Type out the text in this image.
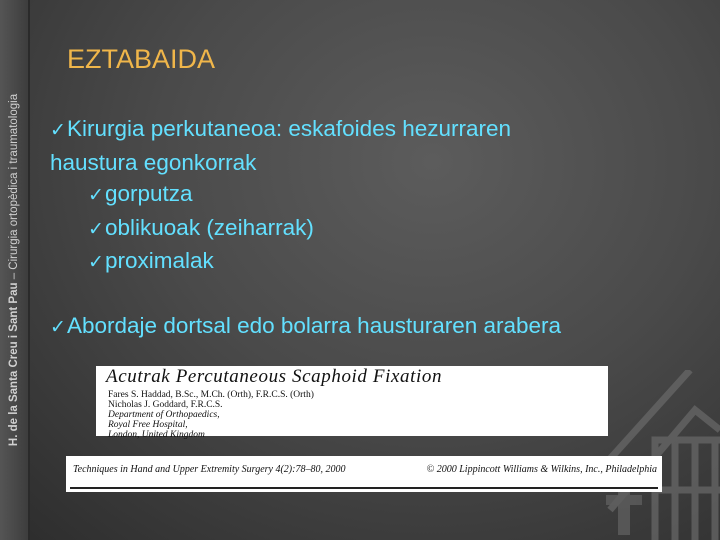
H. de la Santa Creu i Sant Pau – Cirurgia ortopèdica i traumatologia
EZTABAIDA
✓Kirurgia perkutaneoa: eskafoides hezurraren
haustura egonkorrak
✓gorputza
✓oblikuoak (zeiharrak)
✓proximalak
✓Abordaje dortsal edo bolarra hausturaren arabera
Acutrak Percutaneous Scaphoid Fixation
Fares S. Haddad, B.Sc., M.Ch. (Orth), F.R.C.S. (Orth)
Nicholas J. Goddard, F.R.C.S.
Department of Orthopaedics,
Royal Free Hospital,
London, United Kingdom
Techniques in Hand and Upper Extremity Surgery 4(2):78–80, 2000	© 2000 Lippincott Williams & Wilkins, Inc., Philadelphia
